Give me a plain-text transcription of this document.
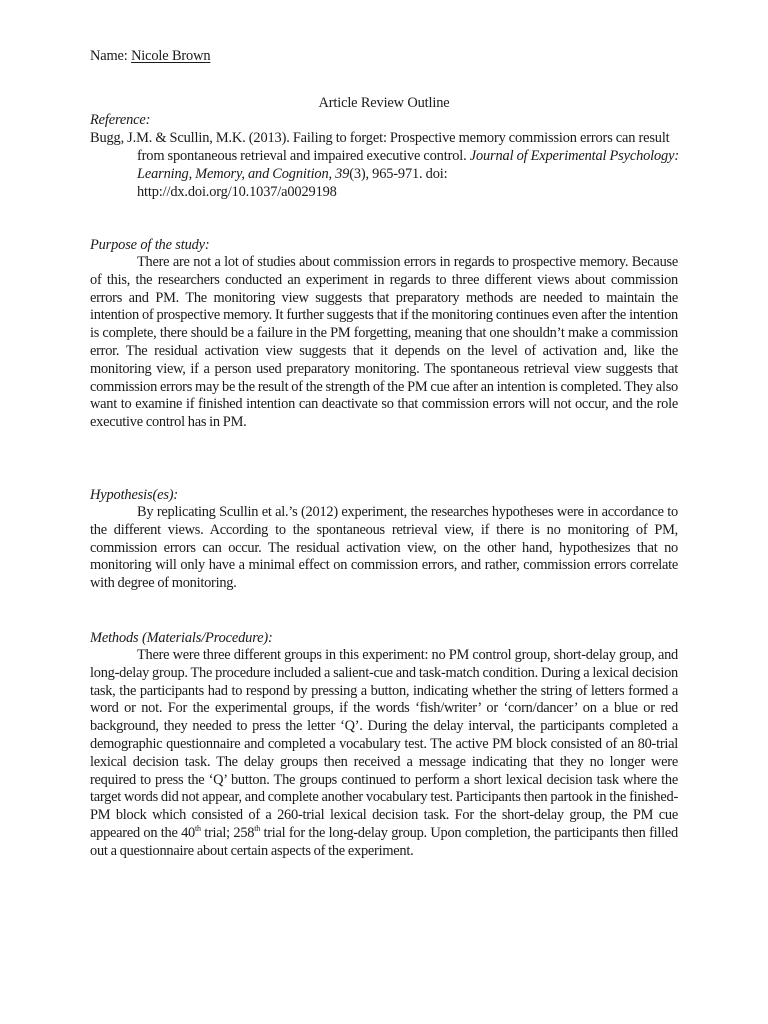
Name: Nicole Brown
Article Review Outline
Reference:
Bugg, J.M. & Scullin, M.K. (2013). Failing to forget: Prospective memory commission errors can result from spontaneous retrieval and impaired executive control. Journal of Experimental Psychology: Learning, Memory, and Cognition, 39(3), 965-971. doi:
http://dx.doi.org/10.1037/a0029198
Purpose of the study:
There are not a lot of studies about commission errors in regards to prospective memory. Because of this, the researchers conducted an experiment in regards to three different views about commission errors and PM. The monitoring view suggests that preparatory methods are needed to maintain the intention of prospective memory. It further suggests that if the monitoring continues even after the intention is complete, there should be a failure in the PM forgetting, meaning that one shouldn’t make a commission error. The residual activation view suggests that it depends on the level of activation and, like the monitoring view, if a person used preparatory monitoring. The spontaneous retrieval view suggests that commission errors may be the result of the strength of the PM cue after an intention is completed. They also want to examine if finished intention can deactivate so that commission errors will not occur, and the role executive control has in PM.
Hypothesis(es):
By replicating Scullin et al.’s (2012) experiment, the researches hypotheses were in accordance to the different views. According to the spontaneous retrieval view, if there is no monitoring of PM, commission errors can occur. The residual activation view, on the other hand, hypothesizes that no monitoring will only have a minimal effect on commission errors, and rather, commission errors correlate with degree of monitoring.
Methods (Materials/Procedure):
There were three different groups in this experiment: no PM control group, short-delay group, and long-delay group. The procedure included a salient-cue and task-match condition. During a lexical decision task, the participants had to respond by pressing a button, indicating whether the string of letters formed a word or not. For the experimental groups, if the words ‘fish/writer’ or ‘corn/dancer’ on a blue or red background, they needed to press the letter ‘Q’. During the delay interval, the participants completed a demographic questionnaire and completed a vocabulary test. The active PM block consisted of an 80-trial lexical decision task. The delay groups then received a message indicating that they no longer were required to press the ‘Q’ button. The groups continued to perform a short lexical decision task where the target words did not appear, and complete another vocabulary test. Participants then partook in the finished-PM block which consisted of a 260-trial lexical decision task. For the short-delay group, the PM cue appeared on the 40th trial; 258th trial for the long-delay group. Upon completion, the participants then filled out a questionnaire about certain aspects of the experiment.
